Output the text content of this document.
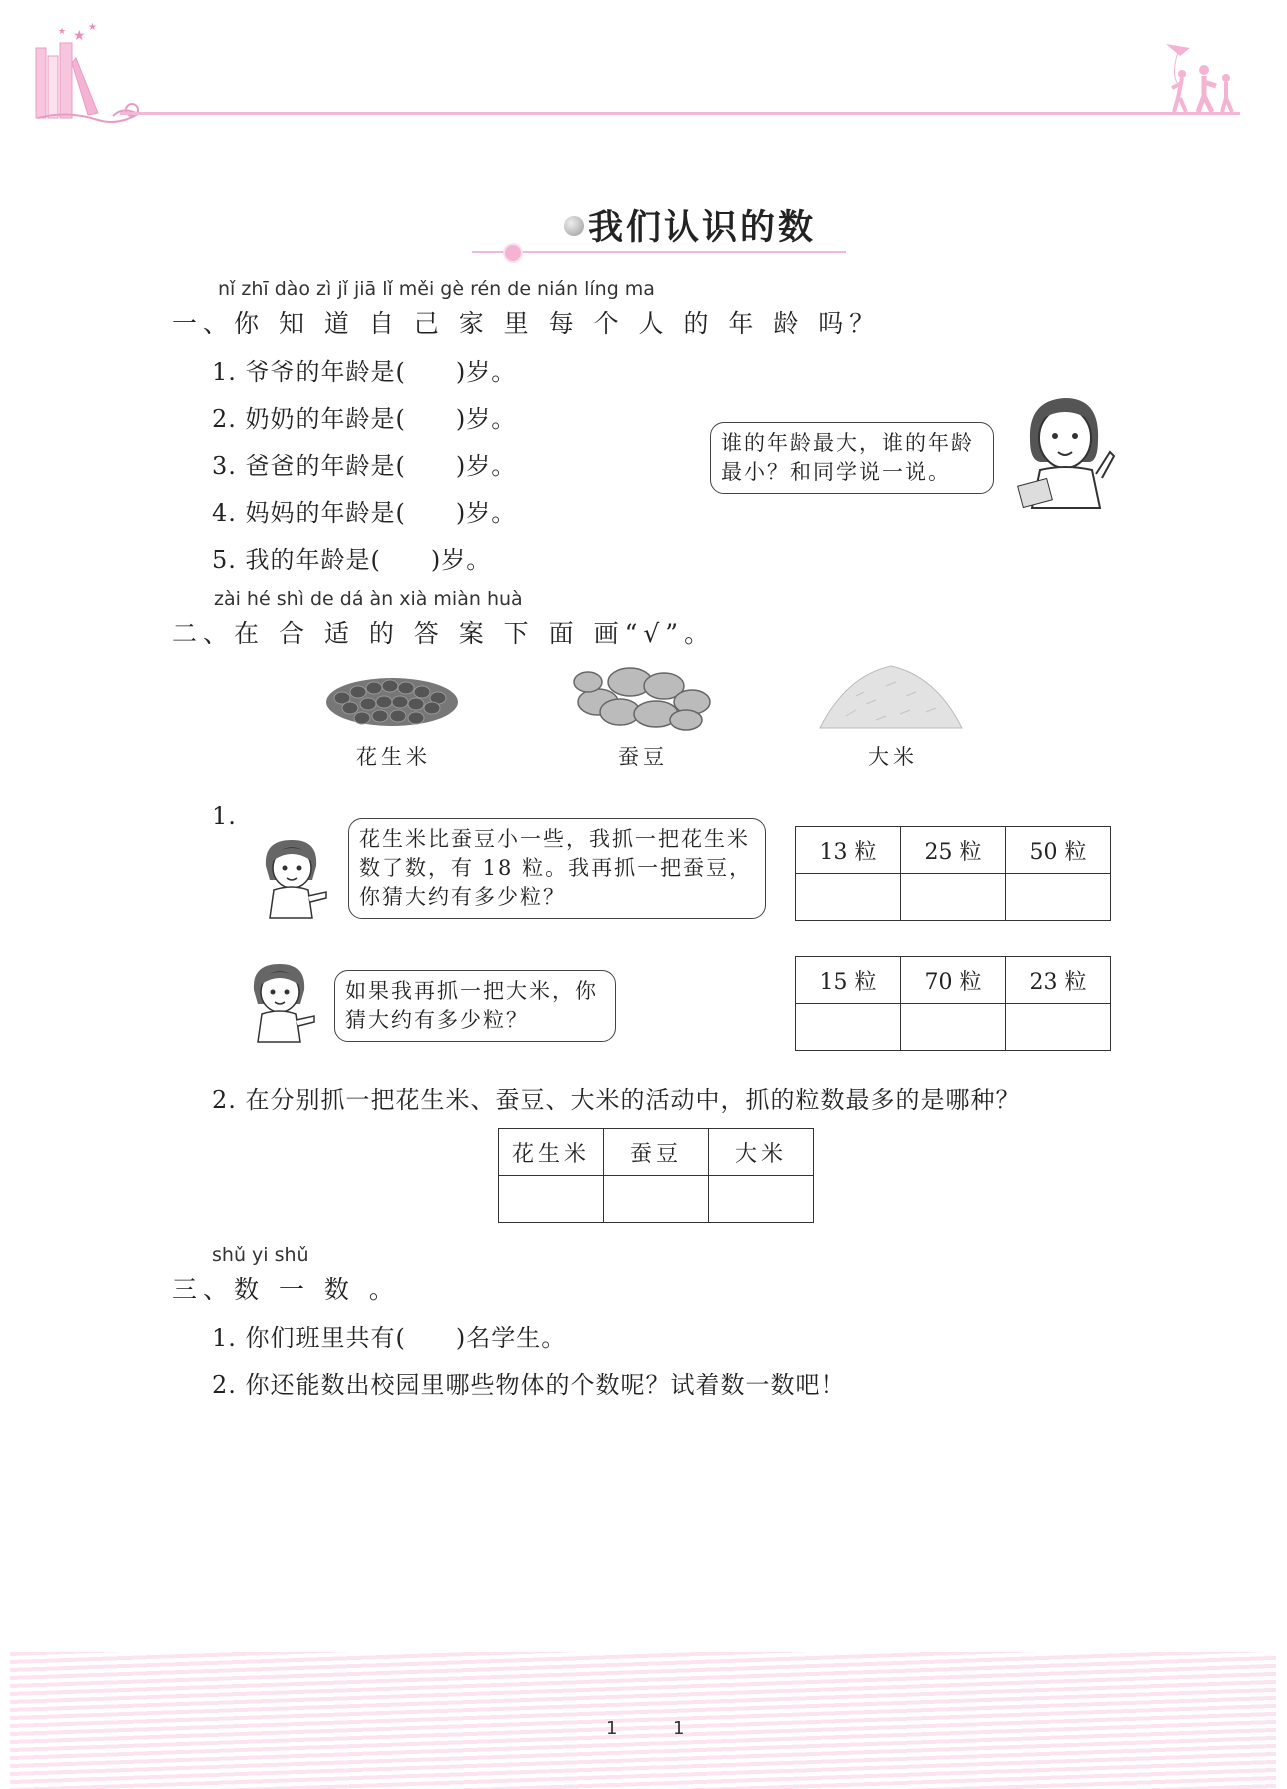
★
★
★
我们认识的数
nǐ zhī dào zì jǐ jiā lǐ měi gè rén de nián líng ma
一、你 知 道 自 己 家 里 每 个 人 的 年 龄 吗？
1. 爷爷的年龄是(　　)岁。
2. 奶奶的年龄是(　　)岁。
3. 爸爸的年龄是(　　)岁。
4. 妈妈的年龄是(　　)岁。
5. 我的年龄是(　　)岁。
谁的年龄最大，谁的年龄最小？和同学说一说。
zài hé shì de dá àn xià miàn huà
二、在 合 适 的 答 案 下 面 画“√”。
花生米	蚕豆	大米
1.
花生米比蚕豆小一些，我抓一把花生米数了数，有 18 粒。我再抓一把蚕豆，你猜大约有多少粒？
13 粒	25 粒	50 粒

如果我再抓一把大米，你猜大约有多少粒？
15 粒	70 粒	23 粒

2. 在分别抓一把花生米、蚕豆、大米的活动中，抓的粒数最多的是哪种？
花生米	蚕豆	大米

shǔ yi shǔ
三、数 一 数 。
1. 你们班里共有(　　)名学生。
2. 你还能数出校园里哪些物体的个数呢？试着数一数吧！
1	1
